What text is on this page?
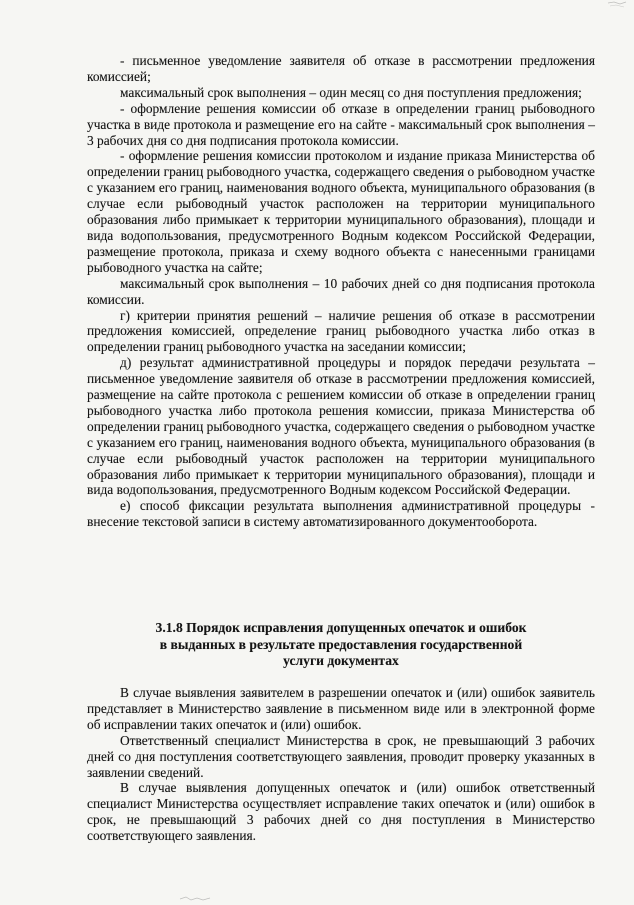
- письменное уведомление заявителя об отказе в рассмотрении предложения комиссией;

максимальный срок выполнения – один месяц со дня поступления предложения;

- оформление решения комиссии об отказе в определении границ рыбоводного участка в виде протокола и размещение его на сайте - максимальный срок выполнения – 3 рабочих дня со дня подписания протокола комиссии.

- оформление решения комиссии протоколом и издание приказа Министерства об определении границ рыбоводного участка, содержащего сведения о рыбоводном участке с указанием его границ, наименования водного объекта, муниципального образования (в случае если рыбоводный участок расположен на территории муниципального образования либо примыкает к территории муниципального образования), площади и вида водопользования, предусмотренного Водным кодексом Российской Федерации, размещение протокола, приказа и схему водного объекта с нанесенными границами рыбоводного участка на сайте;

максимальный срок выполнения – 10 рабочих дней со дня подписания протокола комиссии.

г) критерии принятия решений – наличие решения об отказе в рассмотрении предложения комиссией, определение границ рыбоводного участка либо отказ в определении границ рыбоводного участка на заседании комиссии;

д) результат административной процедуры и порядок передачи результата – письменное уведомление заявителя об отказе в рассмотрении предложения комиссией, размещение на сайте протокола с решением комиссии об отказе в определении границ рыбоводного участка либо протокола решения комиссии, приказа Министерства об определении границ рыбоводного участка, содержащего сведения о рыбоводном участке с указанием его границ, наименования водного объекта, муниципального образования (в случае если рыбоводный участок расположен на территории муниципального образования либо примыкает к территории муниципального образования), площади и вида водопользования, предусмотренного Водным кодексом Российской Федерации.

е) способ фиксации результата выполнения административной процедуры - внесение текстовой записи в систему автоматизированного документооборота.

3.1.8 Порядок исправления допущенных опечаток и ошибок
в выданных в результате предоставления государственной
услуги документах

В случае выявления заявителем в разрешении опечаток и (или) ошибок заявитель представляет в Министерство заявление в письменном виде или в электронной форме об исправлении таких опечаток и (или) ошибок.

Ответственный специалист Министерства в срок, не превышающий 3 рабочих дней со дня поступления соответствующего заявления, проводит проверку указанных в заявлении сведений.

В случае выявления допущенных опечаток и (или) ошибок ответственный специалист Министерства осуществляет исправление таких опечаток и (или) ошибок в срок, не превышающий 3 рабочих дней со дня поступления в Министерство соответствующего заявления.
